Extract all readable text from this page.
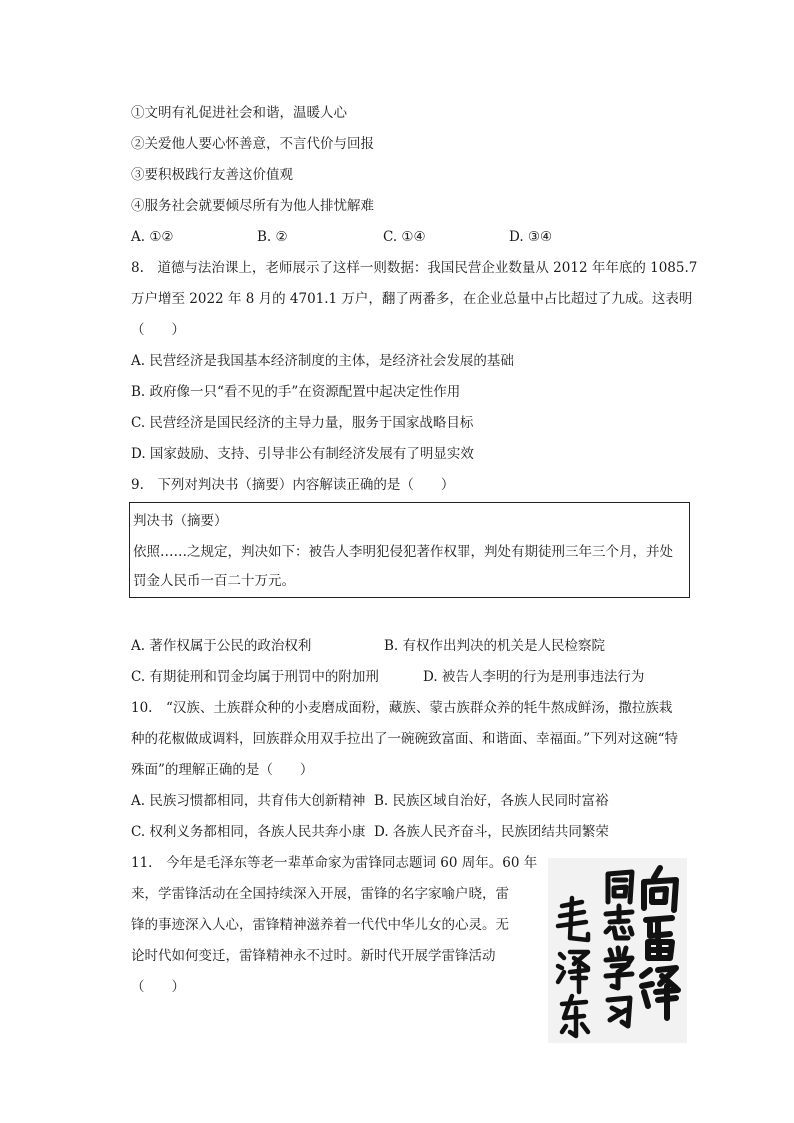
①文明有礼促进社会和谐，温暖人心
②关爱他人要心怀善意，不言代价与回报
③要积极践行友善这价值观
④服务社会就要倾尽所有为他人排忧解难
A. ①②	B. ②	C. ①④	D. ③④
8.　道德与法治课上，老师展示了这样一则数据：我国民营企业数量从 2012 年年底的 1085.7
万户增至 2022 年 8 月的 4701.1 万户，翻了两番多，在企业总量中占比超过了九成。这表明
（　　）
A. 民营经济是我国基本经济制度的主体，是经济社会发展的基础
B. 政府像一只“看不见的手”在资源配置中起决定性作用
C. 民营经济是国民经济的主导力量，服务于国家战略目标
D. 国家鼓励、支持、引导非公有制经济发展有了明显实效
9.　下列对判决书（摘要）内容解读正确的是（　　）
判决书（摘要）
依照……之规定，判决如下：被告人李明犯侵犯著作权罪，判处有期徒刑三年三个月，并处
罚金人民币一百二十万元。
A. 著作权属于公民的政治权利	B. 有权作出判决的机关是人民检察院
C. 有期徒刑和罚金均属于刑罚中的附加刑	D. 被告人李明的行为是刑事违法行为
10.　“汉族、土族群众种的小麦磨成面粉，藏族、蒙古族群众养的牦牛熬成鲜汤，撒拉族栽
种的花椒做成调料，回族群众用双手拉出了一碗碗致富面、和谐面、幸福面。”下列对这碗“特
殊面”的理解正确的是（　　）
A. 民族习惯都相同，共育伟大创新精神 B. 民族区域自治好，各族人民同时富裕
C. 权利义务都相同，各族人民共奔小康 D. 各族人民齐奋斗，民族团结共同繁荣
11.　今年是毛泽东等老一辈革命家为雷锋同志题词 60 周年。60 年
来，学雷锋活动在全国持续深入开展，雷锋的名字家喻户晓，雷
锋的事迹深入人心，雷锋精神滋养着一代代中华儿女的心灵。无
论时代如何变迁，雷锋精神永不过时。新时代开展学雷锋活动
（　　）
